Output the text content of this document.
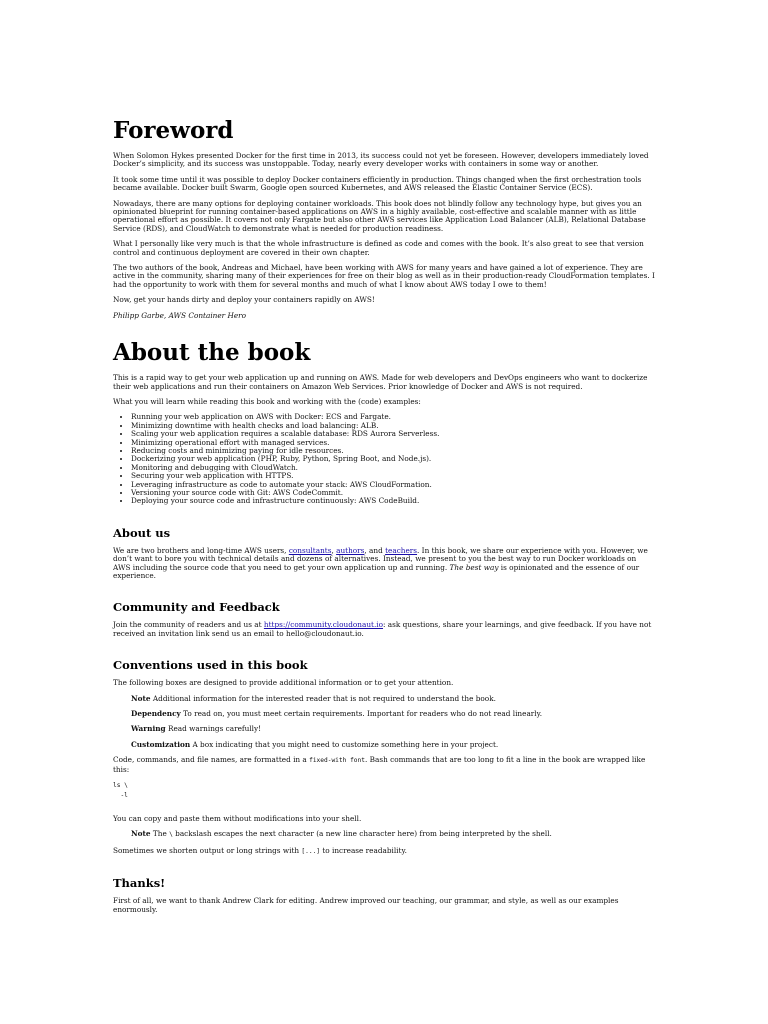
Foreword

When Solomon Hykes presented Docker for the first time in 2013, its success could not yet be foreseen. However, developers immediately loved Docker’s simplicity, and its success was unstoppable. Today, nearly every developer works with containers in some way or another.

It took some time until it was possible to deploy Docker containers efficiently in production. Things changed when the first orchestration tools became available. Docker built Swarm, Google open sourced Kubernetes, and AWS released the Elastic Container Service (ECS).

Nowadays, there are many options for deploying container workloads. This book does not blindly follow any technology hype, but gives you an opinionated blueprint for running container-based applications on AWS in a highly available, cost-effective and scalable manner with as little operational effort as possible. It covers not only Fargate but also other AWS services like Application Load Balancer (ALB), Relational Database Service (RDS), and CloudWatch to demonstrate what is needed for production readiness.

What I personally like very much is that the whole infrastructure is defined as code and comes with the book. It’s also great to see that version control and continuous deployment are covered in their own chapter.

The two authors of the book, Andreas and Michael, have been working with AWS for many years and have gained a lot of experience. They are active in the community, sharing many of their experiences for free on their blog as well as in their production-ready CloudFormation templates. I had the opportunity to work with them for several months and much of what I know about AWS today I owe to them!

Now, get your hands dirty and deploy your containers rapidly on AWS!

Philipp Garbe, AWS Container Hero

About the book

This is a rapid way to get your web application up and running on AWS. Made for web developers and DevOps engineers who want to dockerize their web applications and run their containers on Amazon Web Services. Prior knowledge of Docker and AWS is not required.

What you will learn while reading this book and working with the (code) examples:

• Running your web application on AWS with Docker: ECS and Fargate.
• Minimizing downtime with health checks and load balancing: ALB.
• Scaling your web application requires a scalable database: RDS Aurora Serverless.
• Minimizing operational effort with managed services.
• Reducing costs and minimizing paying for idle resources.
• Dockerizing your web application (PHP, Ruby, Python, Spring Boot, and Node.js).
• Monitoring and debugging with CloudWatch.
• Securing your web application with HTTPS.
• Leveraging infrastructure as code to automate your stack: AWS CloudFormation.
• Versioning your source code with Git: AWS CodeCommit.
• Deploying your source code and infrastructure continuously: AWS CodeBuild.
About us

We are two brothers and long-time AWS users, consultants, authors, and teachers. In this book, we share our experience with you. However, we don’t want to bore you with technical details and dozens of alternatives. Instead, we present to you the best way to run Docker workloads on AWS including the source code that you need to get your own application up and running. The best way is opinionated and the essence of our experience.

Community and Feedback

Join the community of readers and us at https://community.cloudonaut.io: ask questions, share your learnings, and give feedback. If you have not received an invitation link send us an email to hello@cloudonaut.io.

Conventions used in this book

The following boxes are designed to provide additional information or to get your attention.

Note Additional information for the interested reader that is not required to understand the book.

Dependency To read on, you must meet certain requirements. Important for readers who do not read linearly.

Warning Read warnings carefully!

Customization A box indicating that you might need to customize something here in your project.

Code, commands, and file names, are formatted in a fixed-with font. Bash commands that are too long to fit a line in the book are wrapped like this:

ls \
-l

You can copy and paste them without modifications into your shell.

Note The \ backslash escapes the next character (a new line character here) from being interpreted by the shell.

Sometimes we shorten output or long strings with [...] to increase readability.

Thanks!

First of all, we want to thank Andrew Clark for editing. Andrew improved our teaching, our grammar, and style, as well as our examples enormously.
